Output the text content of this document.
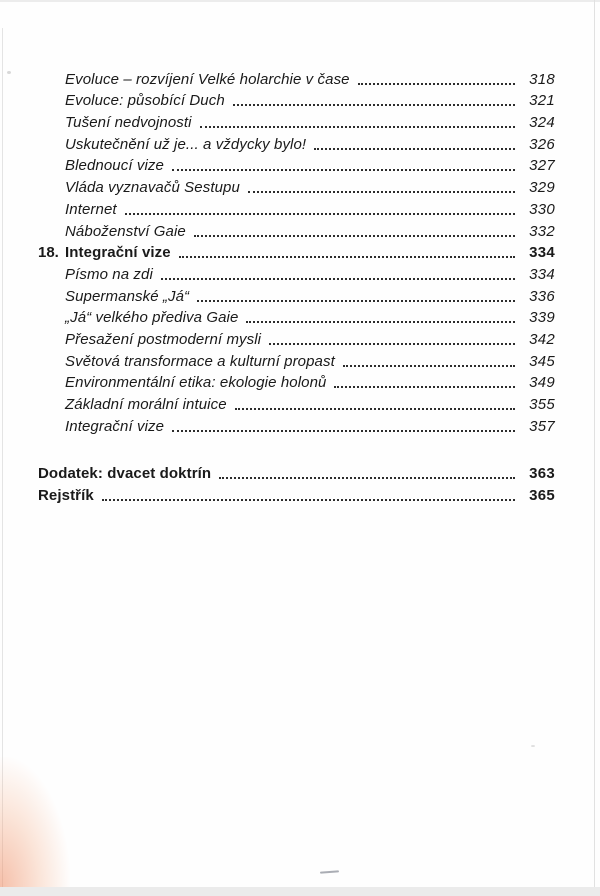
Evoluce – rozvíjení Velké holarchie v čase	318
Evoluce: působící Duch	321
Tušení nedvojnosti	324
Uskutečnění už je... a vždycky bylo!	326
Blednoucí vize	327
Vláda vyznavačů Sestupu	329
Internet	330
Náboženství Gaie	332
18. Integrační vize	334
Písmo na zdi	334
Supermanské „Já“	336
„Já“ velkého přediva Gaie	339
Přesažení postmoderní mysli	342
Světová transformace a kulturní propast	345
Environmentální etika: ekologie holonů	349
Základní morální intuice	355
Integrační vize	357
Dodatek: dvacet doktrín	363
Rejstřík	365
